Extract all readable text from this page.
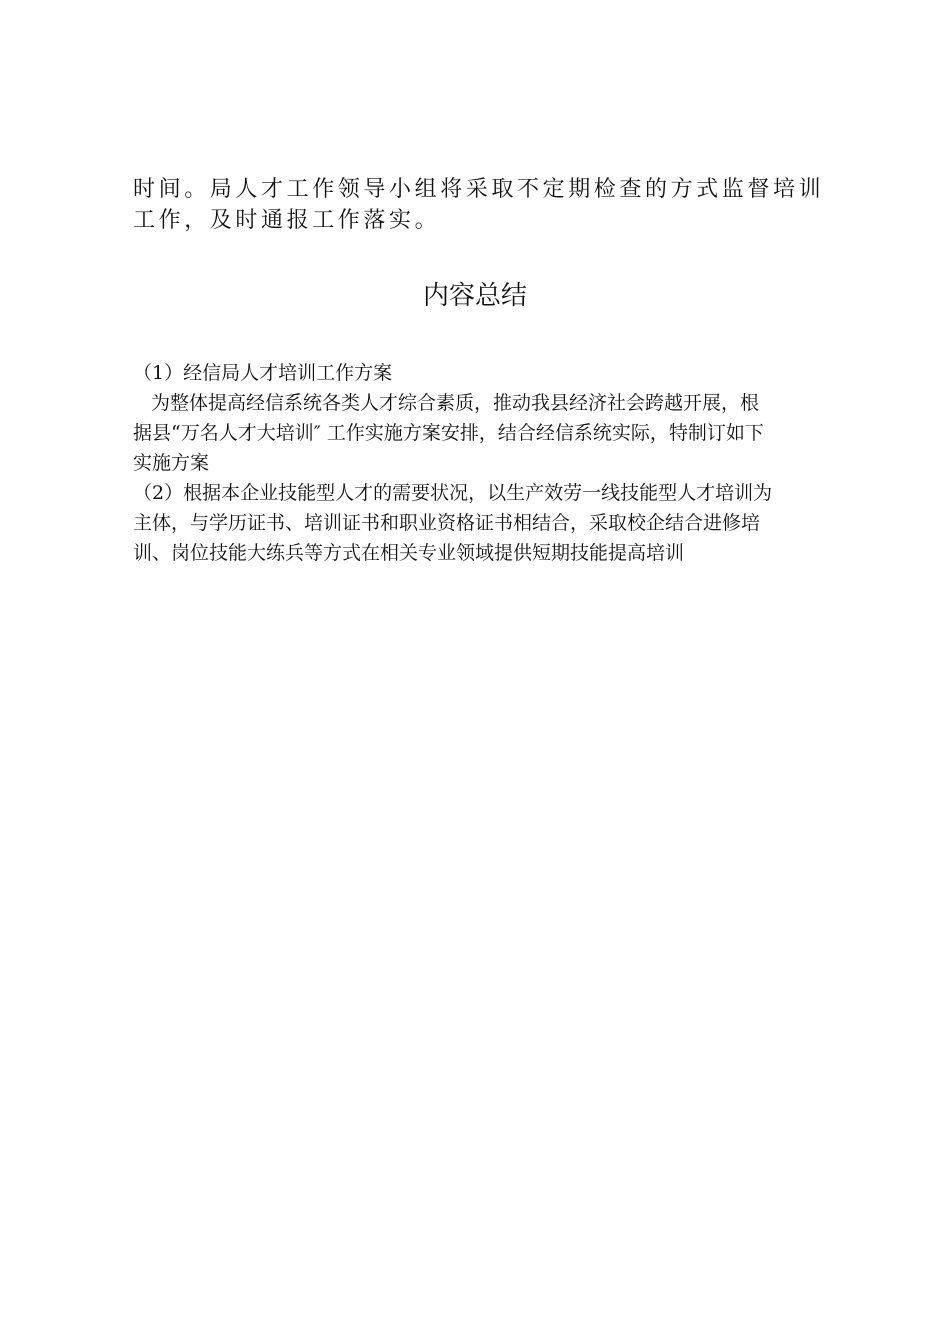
时间。局人才工作领导小组将采取不定期检查的方式监督培训
工作，及时通报工作落实。

内容总结
（1）经信局人才培训工作方案
为整体提高经信系统各类人才综合素质，推动我县经济社会跨越开展，根
据县“万名人才大培训″ 工作实施方案安排，结合经信系统实际，特制订如下
实施方案
（2）根据本企业技能型人才的需要状况，以生产效劳一线技能型人才培训为
主体，与学历证书、培训证书和职业资格证书相结合，采取校企结合进修培
训、岗位技能大练兵等方式在相关专业领域提供短期技能提高培训
